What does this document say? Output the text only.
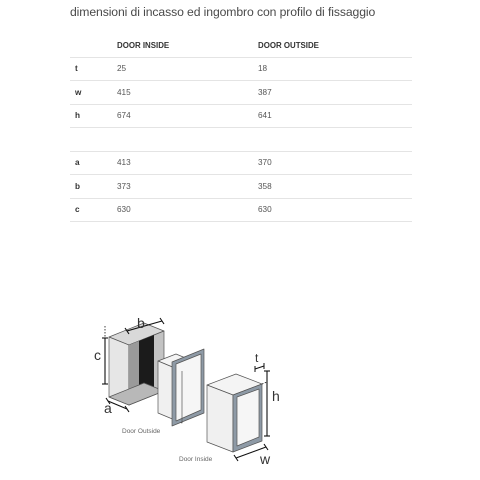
dimensioni di incasso ed ingombro con profilo di fissaggio
	DOOR INSIDE	DOOR OUTSIDE
t	25	18
w	415	387
h	674	641

a	413	370
b	373	358
c	630	630
c
b
a
Door Outside
Door Inside
t
h
w
